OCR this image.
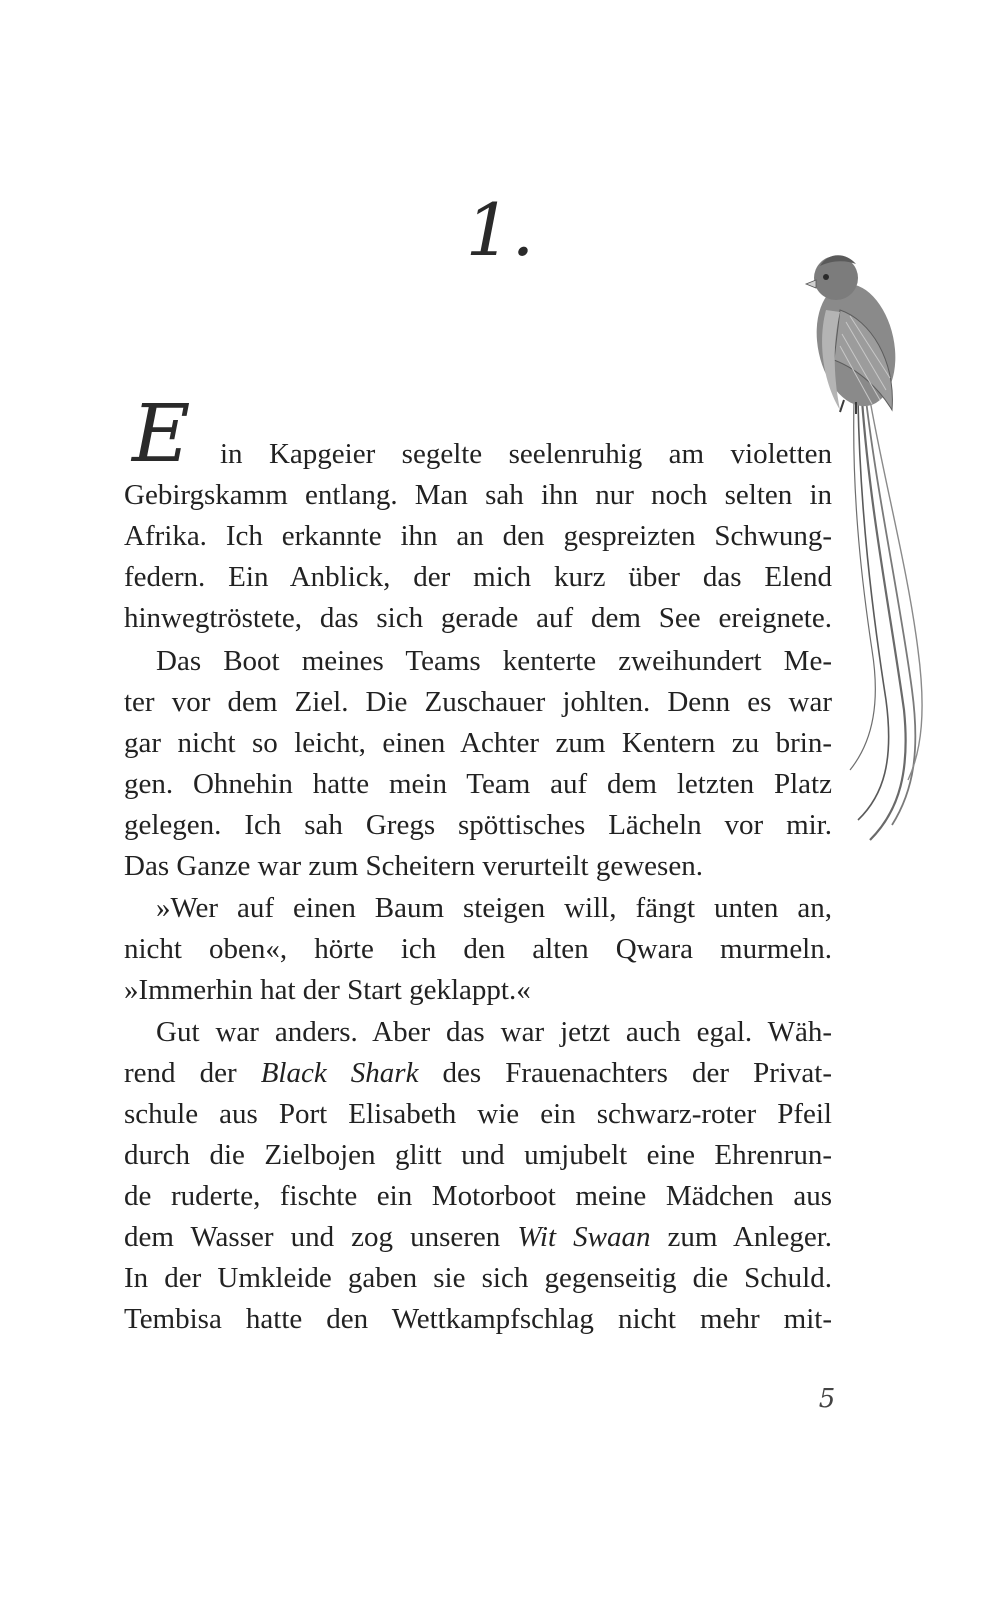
1.
E	in Kapgeier segelte seelenruhig am violetten
Gebirgskamm entlang. Man sah ihn nur noch selten in
Afrika. Ich erkannte ihn an den gespreizten Schwung-
federn. Ein Anblick, der mich kurz über das Elend
hinwegtröstete, das sich gerade auf dem See ereignete.
Das Boot meines Teams kenterte zweihundert Me-
ter vor dem Ziel. Die Zuschauer johlten. Denn es war
gar nicht so leicht, einen Achter zum Kentern zu brin-
gen. Ohnehin hatte mein Team auf dem letzten Platz
gelegen. Ich sah Gregs spöttisches Lächeln vor mir.
Das Ganze war zum Scheitern verurteilt gewesen.
»Wer auf einen Baum steigen will, fängt unten an,
nicht oben«, hörte ich den alten Qwara murmeln.
»Immerhin hat der Start geklappt.«
Gut war anders. Aber das war jetzt auch egal. Wäh-
rend der Black Shark des Frauenachters der Privat-
schule aus Port Elisabeth wie ein schwarz-roter Pfeil
durch die Zielbojen glitt und umjubelt eine Ehrenrun-
de ruderte, fischte ein Motorboot meine Mädchen aus
dem Wasser und zog unseren Wit Swaan zum Anleger.
In der Umkleide gaben sie sich gegenseitig die Schuld.
Tembisa hatte den Wettkampfschlag nicht mehr mit-
5
